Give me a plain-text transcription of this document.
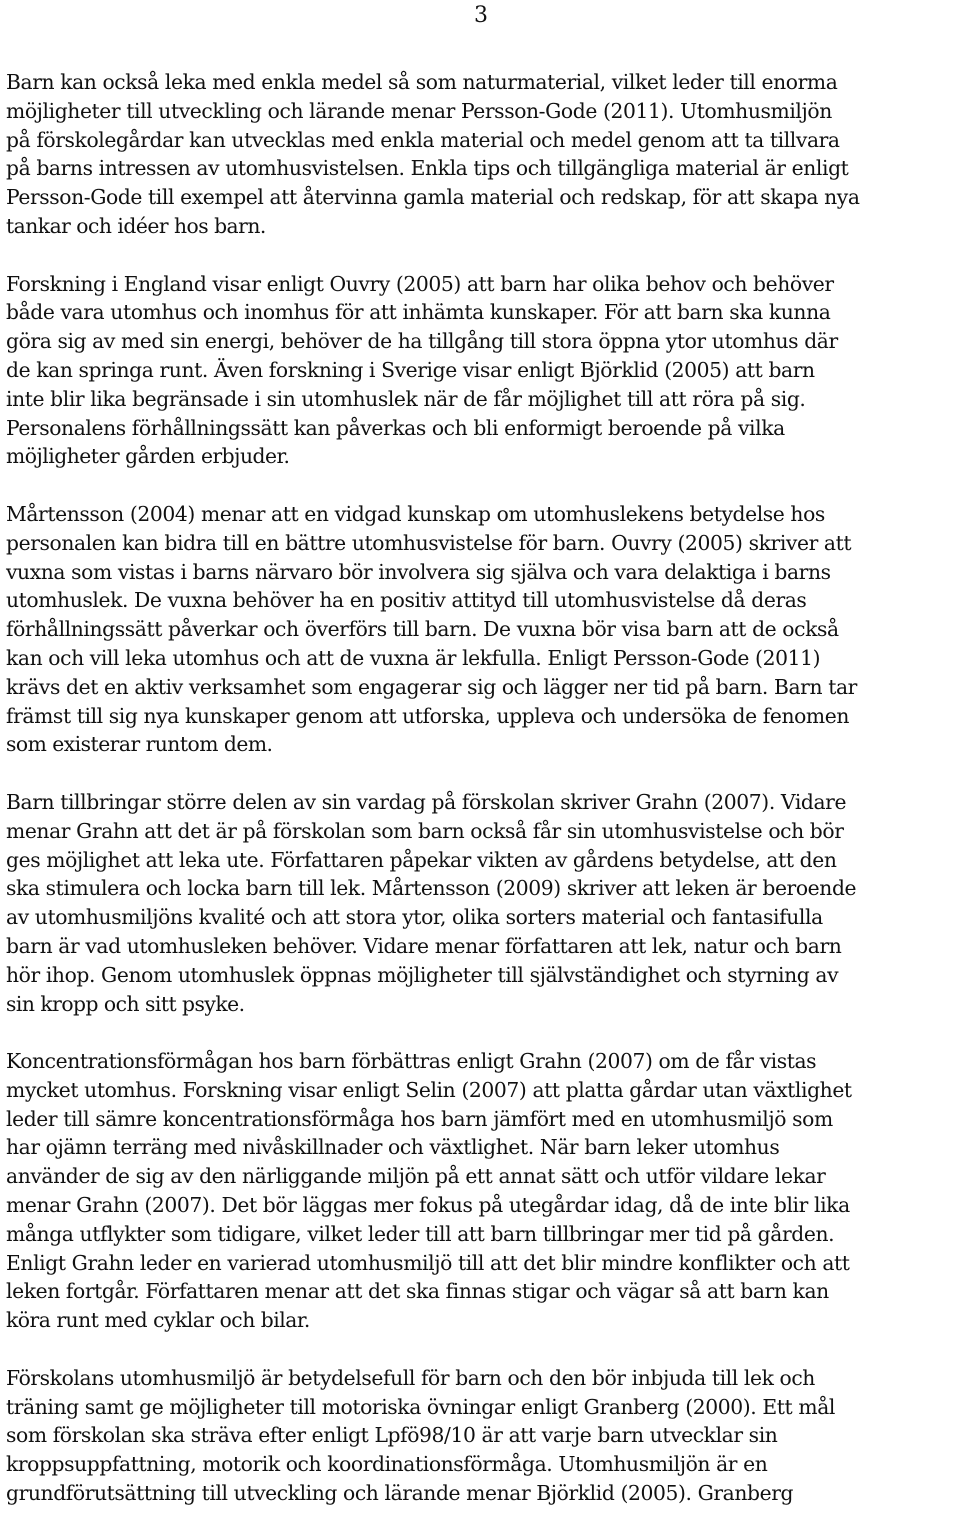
3
Barn kan också leka med enkla medel så som naturmaterial, vilket leder till enorma
möjligheter till utveckling och lärande menar Persson-Gode (2011). Utomhusmiljön
på förskolegårdar kan utvecklas med enkla material och medel genom att ta tillvara
på barns intressen av utomhusvistelsen. Enkla tips och tillgängliga material är enligt
Persson-Gode till exempel att återvinna gamla material och redskap, för att skapa nya
tankar och idéer hos barn.
Forskning i England visar enligt Ouvry (2005) att barn har olika behov och behöver
både vara utomhus och inomhus för att inhämta kunskaper. För att barn ska kunna
göra sig av med sin energi, behöver de ha tillgång till stora öppna ytor utomhus där
de kan springa runt. Även forskning i Sverige visar enligt Björklid (2005) att barn
inte blir lika begränsade i sin utomhuslek när de får möjlighet till att röra på sig.
Personalens förhållningssätt kan påverkas och bli enformigt beroende på vilka
möjligheter gården erbjuder.
Mårtensson (2004) menar att en vidgad kunskap om utomhuslekens betydelse hos
personalen kan bidra till en bättre utomhusvistelse för barn. Ouvry (2005) skriver att
vuxna som vistas i barns närvaro bör involvera sig själva och vara delaktiga i barns
utomhuslek. De vuxna behöver ha en positiv attityd till utomhusvistelse då deras
förhållningssätt påverkar och överförs till barn. De vuxna bör visa barn att de också
kan och vill leka utomhus och att de vuxna är lekfulla. Enligt Persson-Gode (2011)
krävs det en aktiv verksamhet som engagerar sig och lägger ner tid på barn. Barn tar
främst till sig nya kunskaper genom att utforska, uppleva och undersöka de fenomen
som existerar runtom dem.
Barn tillbringar större delen av sin vardag på förskolan skriver Grahn (2007). Vidare
menar Grahn att det är på förskolan som barn också får sin utomhusvistelse och bör
ges möjlighet att leka ute. Författaren påpekar vikten av gårdens betydelse, att den
ska stimulera och locka barn till lek. Mårtensson (2009) skriver att leken är beroende
av utomhusmiljöns kvalité och att stora ytor, olika sorters material och fantasifulla
barn är vad utomhusleken behöver. Vidare menar författaren att lek, natur och barn
hör ihop. Genom utomhuslek öppnas möjligheter till självständighet och styrning av
sin kropp och sitt psyke.
Koncentrationsförmågan hos barn förbättras enligt Grahn (2007) om de får vistas
mycket utomhus. Forskning visar enligt Selin (2007) att platta gårdar utan växtlighet
leder till sämre koncentrationsförmåga hos barn jämfört med en utomhusmiljö som
har ojämn terräng med nivåskillnader och växtlighet. När barn leker utomhus
använder de sig av den närliggande miljön på ett annat sätt och utför vildare lekar
menar Grahn (2007). Det bör läggas mer fokus på utegårdar idag, då de inte blir lika
många utflykter som tidigare, vilket leder till att barn tillbringar mer tid på gården.
Enligt Grahn leder en varierad utomhusmiljö till att det blir mindre konflikter och att
leken fortgår. Författaren menar att det ska finnas stigar och vägar så att barn kan
köra runt med cyklar och bilar.
Förskolans utomhusmiljö är betydelsefull för barn och den bör inbjuda till lek och
träning samt ge möjligheter till motoriska övningar enligt Granberg (2000). Ett mål
som förskolan ska sträva efter enligt Lpfö98/10 är att varje barn utvecklar sin
kroppsuppfattning, motorik och koordinationsförmåga. Utomhusmiljön är en
grundförutsättning till utveckling och lärande menar Björklid (2005). Granberg
